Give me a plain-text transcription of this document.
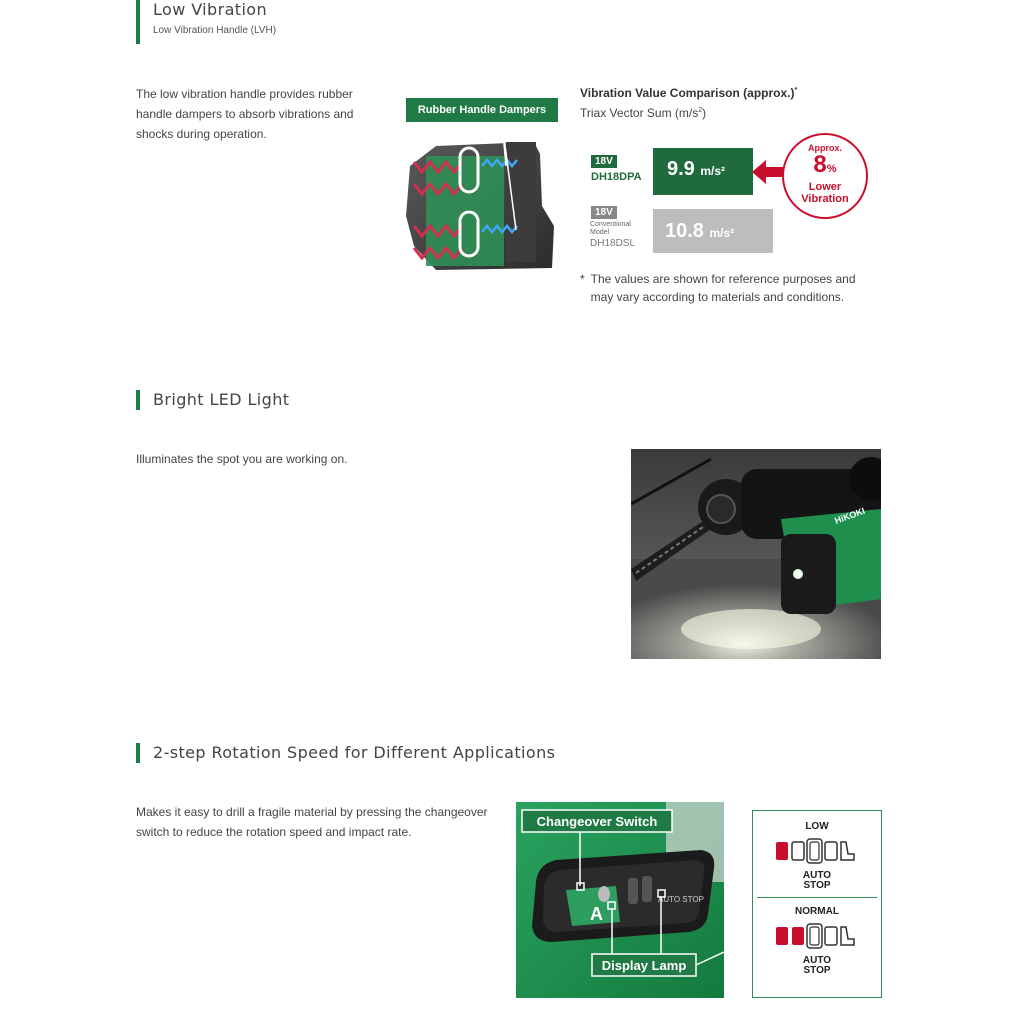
Low Vibration
Low Vibration Handle (LVH)
The low vibration handle provides rubber handle dampers to absorb vibrations and shocks during operation.
Rubber Handle Dampers
Vibration Value Comparison (approx.)*
Triax Vector Sum $(m/s^2)$
18V
DH18DPA 9.9 m/s²
18V
Conventional Model
DH18DSL
10.8 m/s²
Approx.
8%
Lower
Vibration
* The values are shown for reference purposes and may vary according to materials and conditions.
Bright LED Light
Illuminates the spot you are working on.
HiKOKI
2-step Rotation Speed for Different Applications
Makes it easy to drill a fragile material by pressing the changeover switch to reduce the rotation speed and impact rate.
A
AUTO STOP
Changeover Switch
Display Lamp
LOW
AUTO
STOP
NORMAL
AUTO
STOP
